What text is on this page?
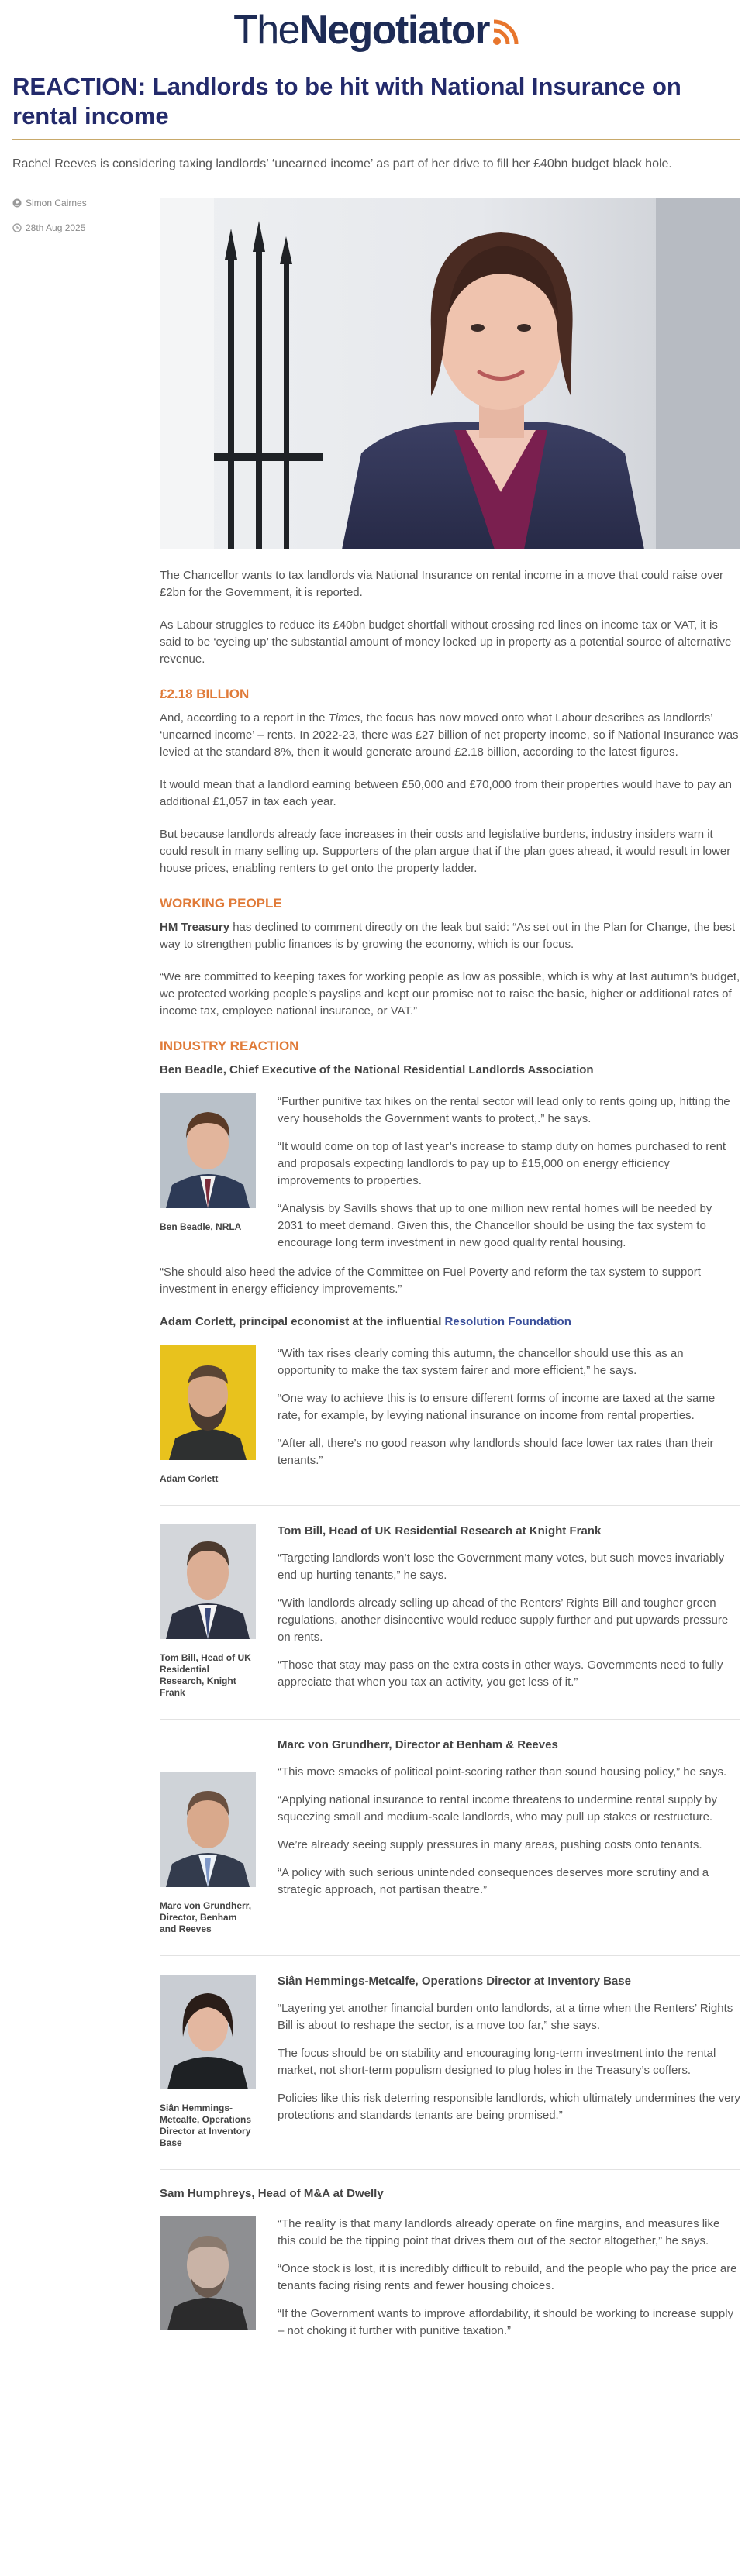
The Negotiator
REACTION: Landlords to be hit with National Insurance on rental income
Rachel Reeves is considering taxing landlords’ ‘unearned income’ as part of her drive to fill her £40bn budget black hole.
Simon Cairnes
28th Aug 2025

The Chancellor wants to tax landlords via National Insurance on rental income in a move that could raise over £2bn for the Government, it is reported.

As Labour struggles to reduce its £40bn budget shortfall without crossing red lines on income tax or VAT, it is said to be ‘eyeing up’ the substantial amount of money locked up in property as a potential source of alternative revenue.

£2.18 BILLION

And, according to a report in the Times, the focus has now moved onto what Labour describes as landlords’ ‘unearned income’ – rents. In 2022-23, there was £27 billion of net property income, so if National Insurance was levied at the standard 8%, then it would generate around £2.18 billion, according to the latest figures.

It would mean that a landlord earning between £50,000 and £70,000 from their properties would have to pay an additional £1,057 in tax each year.

But because landlords already face increases in their costs and legislative burdens, industry insiders warn it could result in many selling up. Supporters of the plan argue that if the plan goes ahead, it would result in lower house prices, enabling renters to get onto the property ladder.

WORKING PEOPLE

HM Treasury has declined to comment directly on the leak but said: “As set out in the Plan for Change, the best way to strengthen public finances is by growing the economy, which is our focus.

“We are committed to keeping taxes for working people as low as possible, which is why at last autumn’s budget, we protected working people’s payslips and kept our promise not to raise the basic, higher or additional rates of income tax, employee national insurance, or VAT.”

INDUSTRY REACTION
Ben Beadle, Chief Executive of the National Residential Landlords Association
Ben Beadle, NRLA

“Further punitive tax hikes on the rental sector will lead only to rents going up, hitting the very households the Government wants to protect,.” he says.

“It would come on top of last year’s increase to stamp duty on homes purchased to rent and proposals expecting landlords to pay up to £15,000 on energy efficiency improvements to properties.

“Analysis by Savills shows that up to one million new rental homes will be needed by 2031 to meet demand. Given this, the Chancellor should be using the tax system to encourage long term investment in new good quality rental housing.

“She should also heed the advice of the Committee on Fuel Poverty and reform the tax system to support investment in energy efficiency improvements.”

Adam Corlett, principal economist at the influential Resolution Foundation
Adam Corlett

“With tax rises clearly coming this autumn, the chancellor should use this as an opportunity to make the tax system fairer and more efficient,” he says.

“One way to achieve this is to ensure different forms of income are taxed at the same rate, for example, by levying national insurance on income from rental properties.

“After all, there’s no good reason why landlords should face lower tax rates than their tenants.”

Tom Bill, Head of UK Residential Research, Knight Frank
Tom Bill, Head of UK Residential Research at Knight Frank

“Targeting landlords won’t lose the Government many votes, but such moves invariably end up hurting tenants,” he says.

“With landlords already selling up ahead of the Renters’ Rights Bill and tougher green regulations, another disincentive would reduce supply further and put upwards pressure on rents.

“Those that stay may pass on the extra costs in other ways. Governments need to fully appreciate that when you tax an activity, you get less of it.”

Marc von Grundherr, Director, Benham and Reeves
Marc von Grundherr, Director at Benham & Reeves

“This move smacks of political point-scoring rather than sound housing policy,” he says.

“Applying national insurance to rental income threatens to undermine rental supply by squeezing small and medium-scale landlords, who may pull up stakes or restructure.

We’re already seeing supply pressures in many areas, pushing costs onto tenants.

“A policy with such serious unintended consequences deserves more scrutiny and a strategic approach, not partisan theatre.”

Siân Hemmings-Metcalfe, Operations Director at Inventory Base
Siân Hemmings-Metcalfe, Operations Director at Inventory Base

“Layering yet another financial burden onto landlords, at a time when the Renters’ Rights Bill is about to reshape the sector, is a move too far,” she says.

The focus should be on stability and encouraging long-term investment into the rental market, not short-term populism designed to plug holes in the Treasury’s coffers.

Policies like this risk deterring responsible landlords, which ultimately undermines the very protections and standards tenants are being promised.”

Sam Humphreys, Head of M&A at Dwelly

“The reality is that many landlords already operate on fine margins, and measures like this could be the tipping point that drives them out of the sector altogether,” he says.

“Once stock is lost, it is incredibly difficult to rebuild, and the people who pay the price are tenants facing rising rents and fewer housing choices.

“If the Government wants to improve affordability, it should be working to increase supply – not choking it further with punitive taxation.”
